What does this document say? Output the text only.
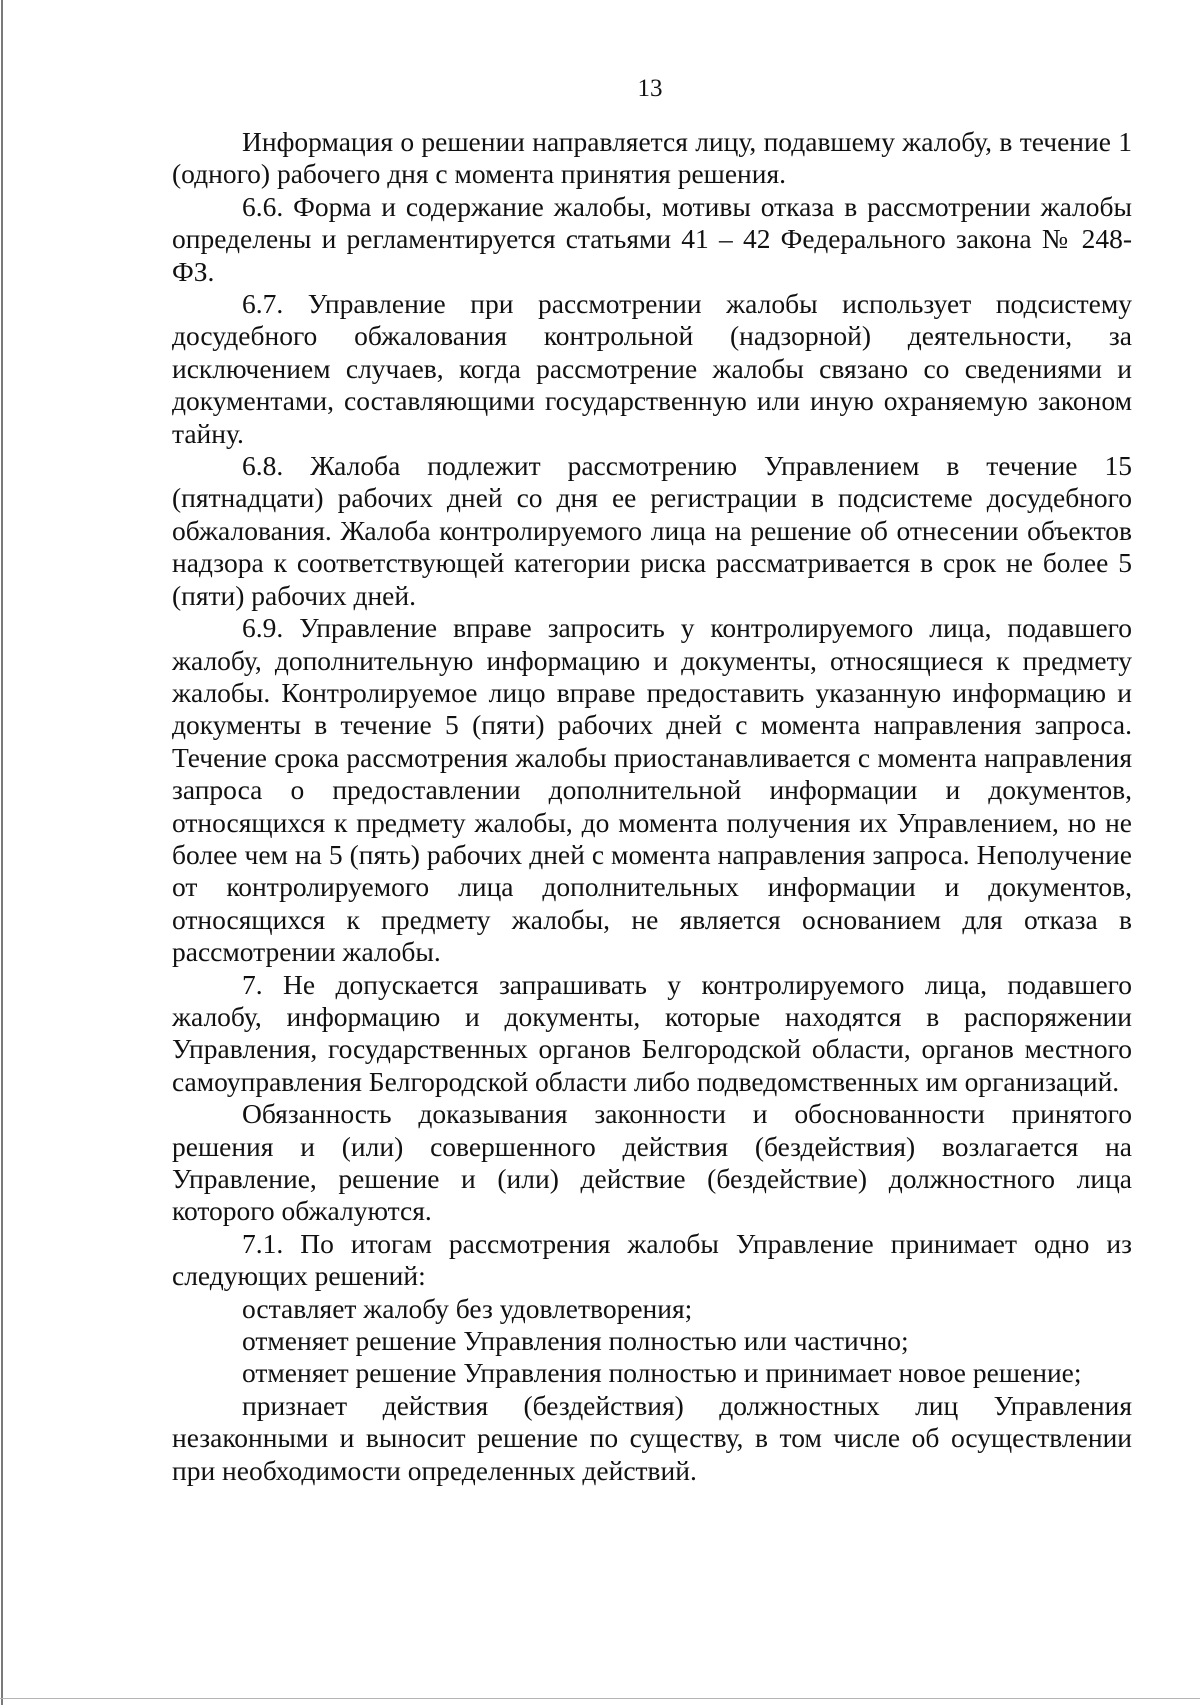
13

Информация о решении направляется лицу, подавшему жалобу, в течение 1 (одного) рабочего дня с момента принятия решения.

6.6. Форма и содержание жалобы, мотивы отказа в рассмотрении жалобы определены и регламентируется статьями 41 – 42 Федерального закона № 248-ФЗ.

6.7. Управление при рассмотрении жалобы использует подсистему досудебного обжалования контрольной (надзорной) деятельности, за исключением случаев, когда рассмотрение жалобы связано со сведениями и документами, составляющими государственную или иную охраняемую законом тайну.

6.8. Жалоба подлежит рассмотрению Управлением в течение 15 (пятнадцати) рабочих дней со дня ее регистрации в подсистеме досудебного обжалования. Жалоба контролируемого лица на решение об отнесении объектов надзора к соответствующей категории риска рассматривается в срок не более 5 (пяти) рабочих дней.

6.9. Управление вправе запросить у контролируемого лица, подавшего жалобу, дополнительную информацию и документы, относящиеся к предмету жалобы. Контролируемое лицо вправе предоставить указанную информацию и документы в течение 5 (пяти) рабочих дней с момента направления запроса. Течение срока рассмотрения жалобы приостанавливается с момента направления запроса о предоставлении дополнительной информации и документов, относящихся к предмету жалобы, до момента получения их Управлением, но не более чем на 5 (пять) рабочих дней с момента направления запроса. Неполучение от контролируемого лица дополнительных информации и документов, относящихся к предмету жалобы, не является основанием для отказа в рассмотрении жалобы.

7. Не допускается запрашивать у контролируемого лица, подавшего жалобу, информацию и документы, которые находятся в распоряжении Управления, государственных органов Белгородской области, органов местного самоуправления Белгородской области либо подведомственных им организаций.

Обязанность доказывания законности и обоснованности принятого решения и (или) совершенного действия (бездействия) возлагается на Управление, решение и (или) действие (бездействие) должностного лица которого обжалуются.

7.1. По итогам рассмотрения жалобы Управление принимает одно из следующих решений:

оставляет жалобу без удовлетворения;

отменяет решение Управления полностью или частично;

отменяет решение Управления полностью и принимает новое решение;

признает действия (бездействия) должностных лиц Управления незаконными и выносит решение по существу, в том числе об осуществлении при необходимости определенных действий.
